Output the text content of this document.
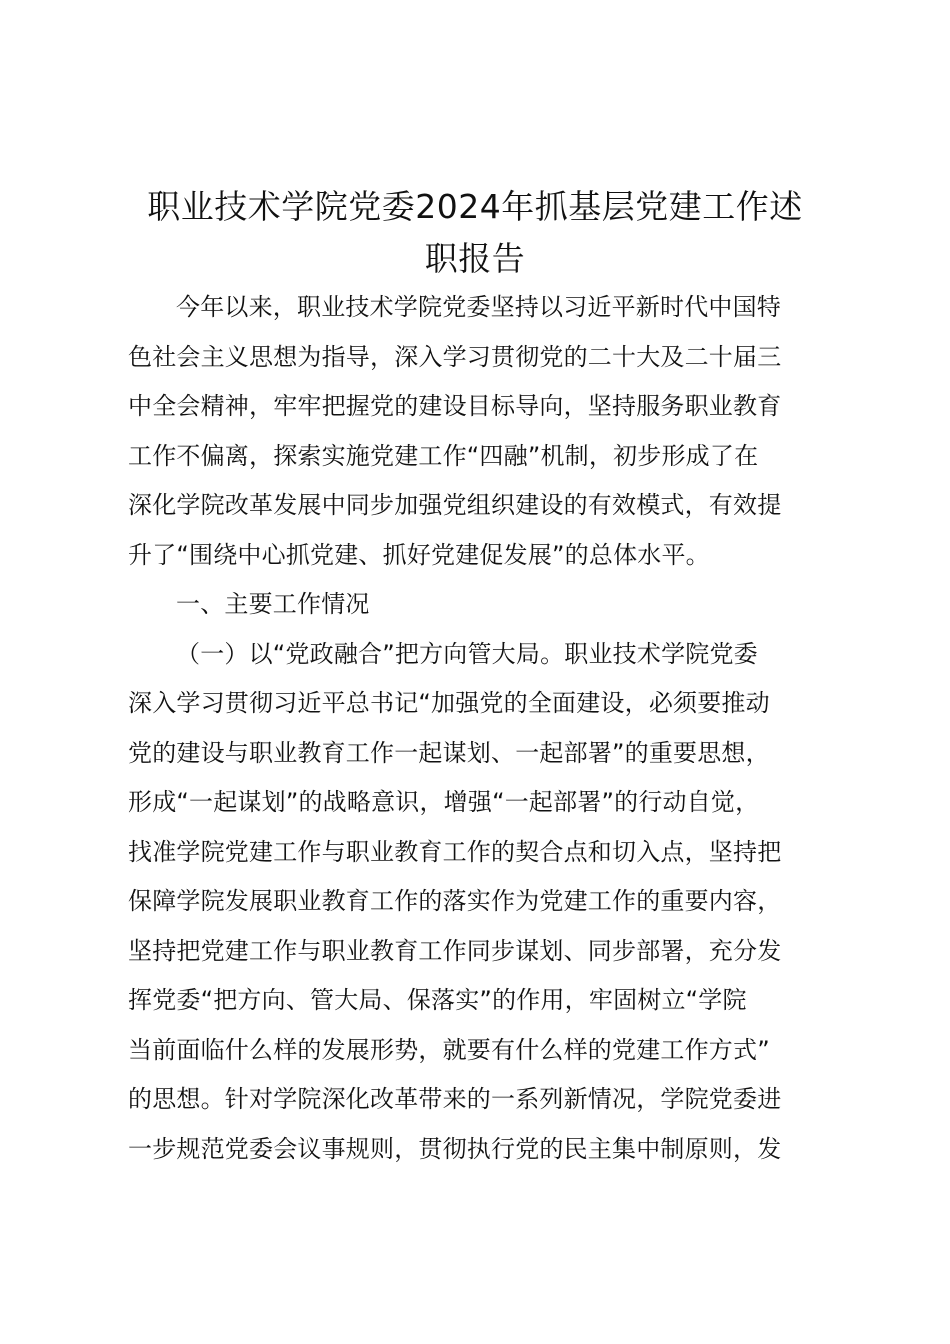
职业技术学院党委2024年抓基层党建工作述
职报告
今年以来，职业技术学院党委坚持以习近平新时代中国特
色社会主义思想为指导，深入学习贯彻党的二十大及二十届三
中全会精神，牢牢把握党的建设目标导向，坚持服务职业教育
工作不偏离，探索实施党建工作“四融”机制，初步形成了在
深化学院改革发展中同步加强党组织建设的有效模式，有效提
升了“围绕中心抓党建、抓好党建促发展”的总体水平。
一、主要工作情况
（一）以“党政融合”把方向管大局。职业技术学院党委
深入学习贯彻习近平总书记“加强党的全面建设，必须要推动
党的建设与职业教育工作一起谋划、一起部署”的重要思想，
形成“一起谋划”的战略意识，增强“一起部署”的行动自觉，
找准学院党建工作与职业教育工作的契合点和切入点，坚持把
保障学院发展职业教育工作的落实作为党建工作的重要内容，
坚持把党建工作与职业教育工作同步谋划、同步部署，充分发
挥党委“把方向、管大局、保落实”的作用，牢固树立“学院
当前面临什么样的发展形势，就要有什么样的党建工作方式”
的思想。针对学院深化改革带来的一系列新情况，学院党委进
一步规范党委会议事规则，贯彻执行党的民主集中制原则，发
